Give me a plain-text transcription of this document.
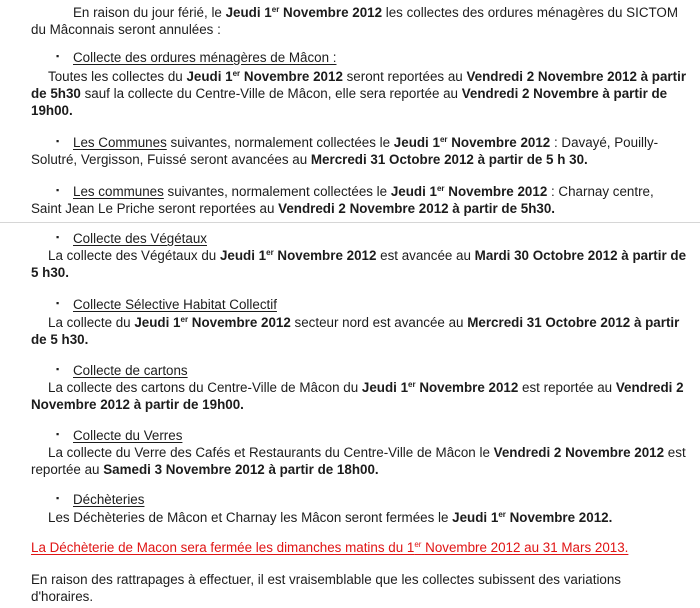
En raison du jour férié, le Jeudi 1er Novembre 2012 les collectes des ordures ménagères du SICTOM
du Mâconnais seront annulées :
▪ Collecte des ordures ménagères de Mâcon :
Toutes les collectes du Jeudi 1er Novembre 2012 seront reportées au Vendredi 2 Novembre 2012 à partir
de 5h30 sauf la collecte du Centre-Ville de Mâcon, elle sera reportée au Vendredi 2 Novembre à partir de
19h00.
▪ Les Communes suivantes, normalement collectées le Jeudi 1er Novembre 2012 : Davayé, Pouilly-
Solutré, Vergisson, Fuissé seront avancées au Mercredi 31 Octobre 2012 à partir de 5 h 30.
▪ Les communes suivantes, normalement collectées le Jeudi 1er Novembre 2012 : Charnay centre,
Saint Jean Le Priche seront reportées au Vendredi 2 Novembre 2012 à partir de 5h30.
▪ Collecte des Végétaux
La collecte des Végétaux du Jeudi 1er Novembre 2012 est avancée au Mardi 30 Octobre 2012 à partir de
5 h30.
▪ Collecte Sélective Habitat Collectif
La collecte du Jeudi 1er Novembre 2012 secteur nord est avancée au Mercredi 31 Octobre 2012 à partir
de 5 h30.
▪ Collecte de cartons
La collecte des cartons du Centre-Ville de Mâcon du Jeudi 1er Novembre 2012 est reportée au Vendredi 2
Novembre 2012 à partir de 19h00.
▪ Collecte du Verres
La collecte du Verre des Cafés et Restaurants du Centre-Ville de Mâcon le Vendredi 2 Novembre 2012 est
reportée au Samedi 3 Novembre 2012 à partir de 18h00.
▪ Déchèteries
Les Déchèteries de Mâcon et Charnay les Mâcon seront fermées le Jeudi 1er Novembre 2012.
La Déchèterie de Macon sera fermée les dimanches matins du 1er Novembre 2012 au 31 Mars 2013.
En raison des rattrapages à effectuer, il est vraisemblable que les collectes subissent des variations
d'horaires.
